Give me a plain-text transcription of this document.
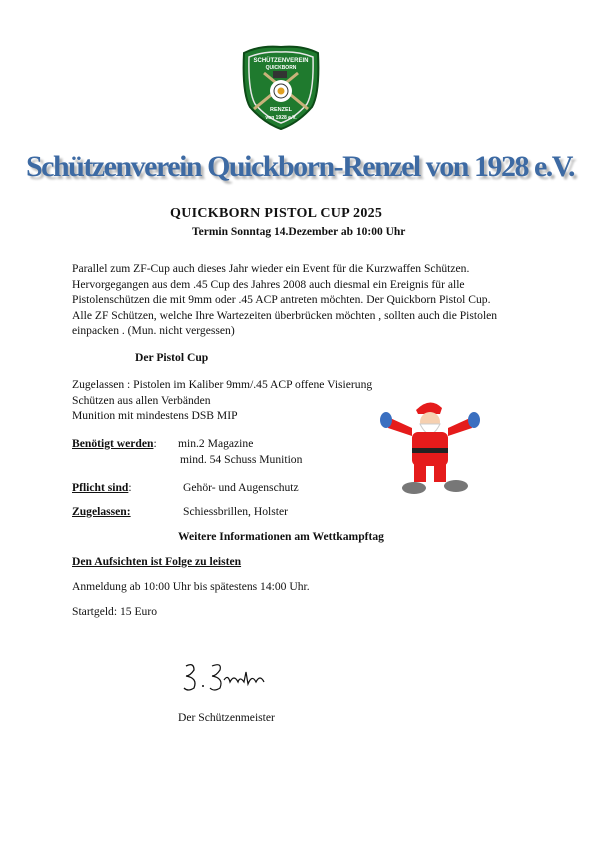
SCHÜTZENVEREIN
QUICKBORN
RENZEL
von 1928 e.V.
Schützenverein Quickborn-Renzel von 1928 e.V.
QUICKBORN PISTOL CUP 2025
Termin Sonntag 14.Dezember ab 10:00 Uhr
Parallel zum ZF-Cup auch dieses Jahr wieder ein Event für die Kurzwaffen Schützen.
Hervorgegangen aus dem .45 Cup des Jahres 2008 auch diesmal ein Ereignis für alle
Pistolenschützen die mit 9mm oder .45 ACP antreten möchten. Der Quickborn Pistol Cup.
Alle ZF Schützen, welche Ihre Wartezeiten überbrücken möchten , sollten auch die Pistolen
einpacken . (Mun. nicht vergessen)
Der Pistol Cup
Zugelassen : Pistolen im Kaliber 9mm/.45 ACP offene Visierung
Schützen aus allen Verbänden
Munition mit mindestens DSB MIP
Benötigt werden: min.2 Magazine
mind. 54 Schuss Munition
Pflicht sind:	Gehör- und Augenschutz
Zugelassen:	Schiessbrillen, Holster
Weitere Informationen am Wettkampftag
Den Aufsichten ist Folge zu leisten
Anmeldung ab 10:00 Uhr bis spätestens 14:00 Uhr.
Startgeld: 15 Euro
Der Schützenmeister
